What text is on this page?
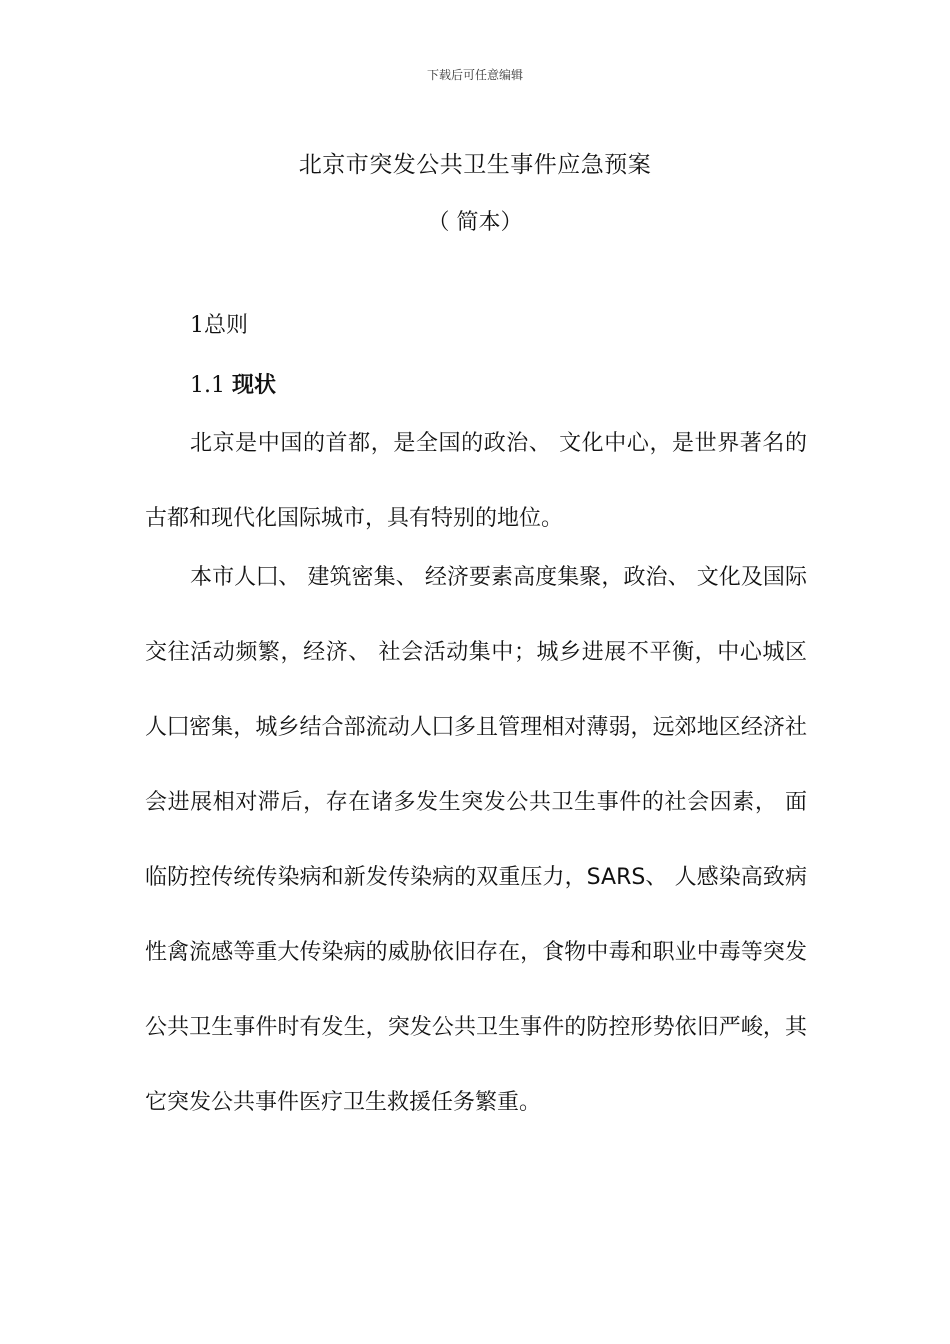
下载后可任意编辑
北京市突发公共卫生事件应急预案
（ 简本）
1总则
1.1 现状

北京是中国的首都，是全国的政治、 文化中心，是世界著名的古都和现代化国际城市，具有特别的地位。

本市人囗、 建筑密集、 经济要素高度集聚，政治、 文化及国际交往活动频繁，经济、 社会活动集中；城乡进展不平衡，中心城区人囗密集，城乡结合部流动人囗多且管理相对薄弱，远郊地区经济社会进展相对滞后，存在诸多发生突发公共卫生事件的社会因素， 面临防控传统传染病和新发传染病的双重压力，SARS、 人感染高致病性禽流感等重大传染病的威胁依旧存在，食物中毒和职业中毒等突发公共卫生事件时有发生，突发公共卫生事件的防控形势依旧严峻，其它突发公共事件医疗卫生救援任务繁重。
